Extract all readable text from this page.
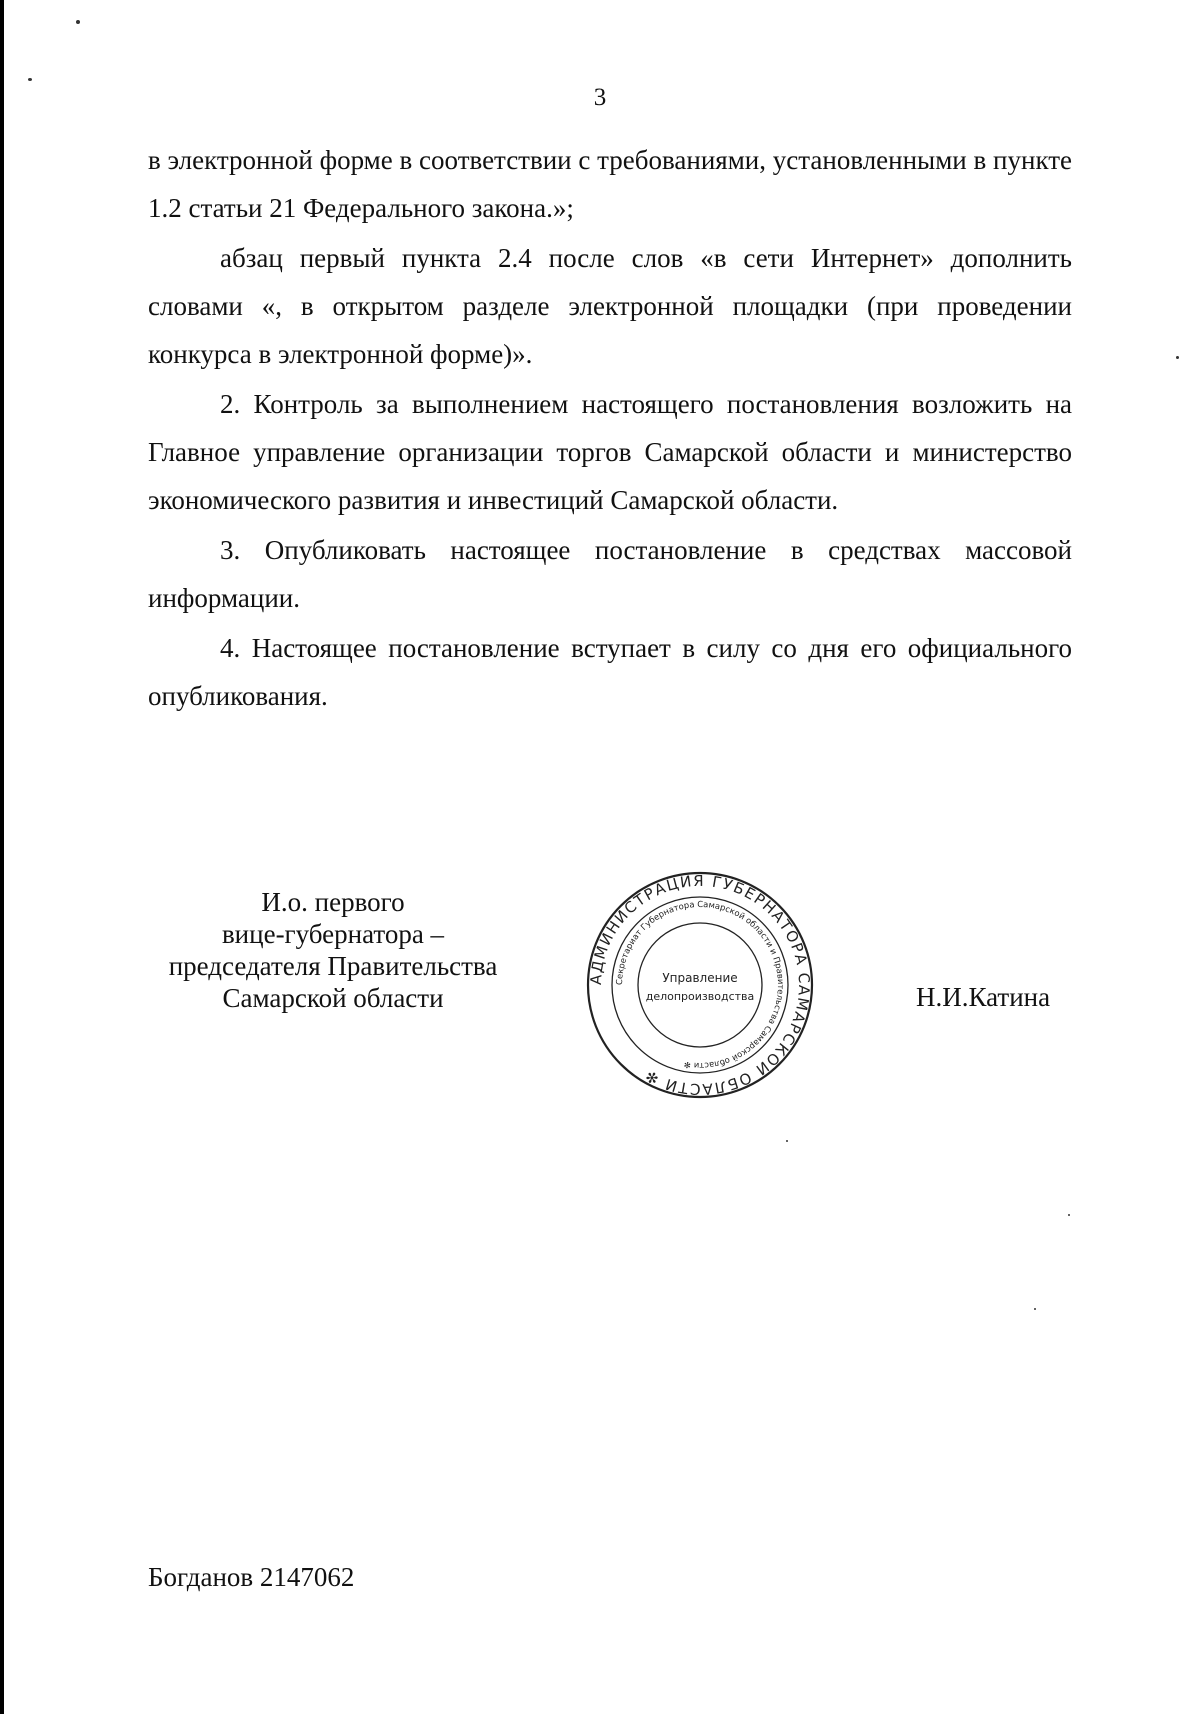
3

в электронной форме в соответствии с требованиями, установленными в пункте 1.2 статьи 21 Федерального закона.»;

абзац первый пункта 2.4 после слов «в сети Интернет» дополнить словами «, в открытом разделе электронной площадки (при проведении конкурса в электронной форме)».

2. Контроль за выполнением настоящего постановления возложить на Главное управление организации торгов Самарской области и министерство экономического развития и инвестиций Самарской области.

3. Опубликовать настоящее постановление в средствах массовой информации.

4. Настоящее постановление вступает в силу со дня его официального опубликования.

И.о. первого
вице-губернатора –
председателя Правительства
Самарской области
АДМИНИСТРАЦИЯ ГУБЕРНАТОРА САМАРСКОЙ ОБЛАСТИ ✻
Секретариат Губернатора Самарской области и Правительства Самарской области ✻
Управление
делопроизводства	Н.И.Катина
Богданов 2147062
